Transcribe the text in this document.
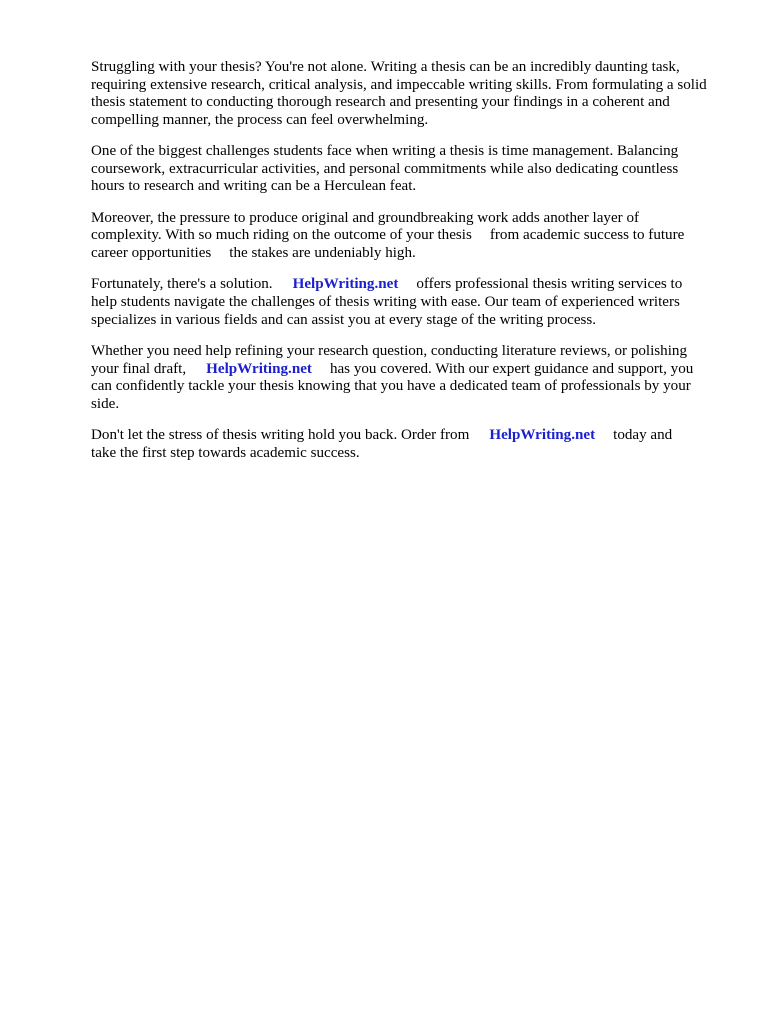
Struggling with your thesis? You're not alone. Writing a thesis can be an incredibly daunting task,
requiring extensive research, critical analysis, and impeccable writing skills. From formulating a solid
thesis statement to conducting thorough research and presenting your findings in a coherent and
compelling manner, the process can feel overwhelming.

One of the biggest challenges students face when writing a thesis is time management. Balancing
coursework, extracurricular activities, and personal commitments while also dedicating countless
hours to research and writing can be a Herculean feat.

Moreover, the pressure to produce original and groundbreaking work adds another layer of
complexity. With so much riding on the outcome of your thesis from academic success to future
career opportunities the stakes are undeniably high.

Fortunately, there's a solution. HelpWriting.net offers professional thesis writing services to
help students navigate the challenges of thesis writing with ease. Our team of experienced writers
specializes in various fields and can assist you at every stage of the writing process.

Whether you need help refining your research question, conducting literature reviews, or polishing
your final draft, HelpWriting.net has you covered. With our expert guidance and support, you
can confidently tackle your thesis knowing that you have a dedicated team of professionals by your
side.

Don't let the stress of thesis writing hold you back. Order from HelpWriting.net today and
take the first step towards academic success.
